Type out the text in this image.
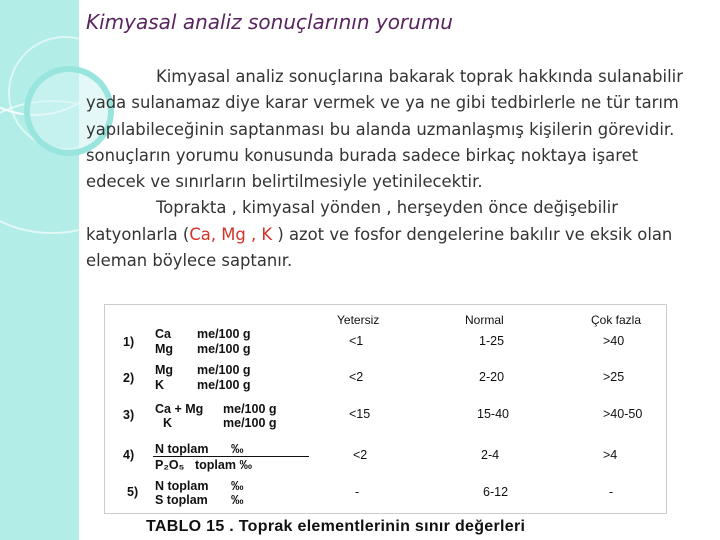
Kimyasal analiz sonuçlarının yorumu

Kimyasal analiz sonuçlarına bakarak toprak hakkında sulanabilir yada sulanamaz diye karar vermek ve ya ne gibi tedbirlerle ne tür tarım yapılabileceğinin saptanması bu alanda uzmanlaşmış kişilerin görevidir. sonuçların yorumu konusunda burada sadece birkaç noktaya işaret edecek ve sınırların belirtilmesiyle yetinilecektir.

Toprakta , kimyasal yönden , herşeyden önce değişebilir katyonlarla (Ca, Mg , K ) azot ve fosfor dengelerine bakılır ve eksik olan eleman böylece saptanır.

Yetersiz	Normal	Çok fazla
1)
Ca me/100 g
Mg me/100 g
<1	1-25	>40
2)
Mg me/100 g
K	me/100 g
<2	2-20	>25
3) Ca + Mg me/100 g
K	me/100 g
<15	15-40	>40-50
4) N toplam ‰
P₂O₅ toplam ‰
<2	2-4	>4
5) N toplam ‰
S toplam ‰
-	6-12	-
TABLO 15 . Toprak elementlerinin sınır değerleri
